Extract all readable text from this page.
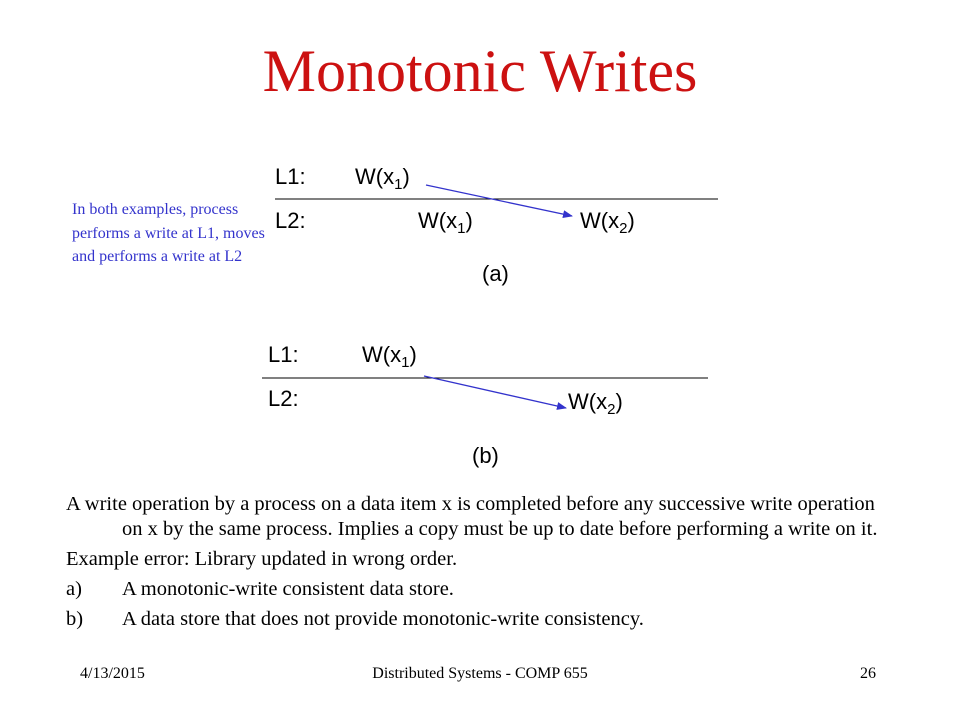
Monotonic Writes
In both examples, process performs a write at L1, moves and performs a write at L2
L1: $W(x_1)$
L2:	$W(x_1)$	$W(x_2)$
(a)
L1:	$W(x_1)$
L2:	$W(x_2)$
(b)

A write operation by a process on a data item x is completed before any successive write operation on x by the same process. Implies a copy must be up to date before performing a write on it.

Example error: Library updated in wrong order.

a)	A monotonic-write consistent data store.
b)	A data store that does not provide monotonic-write consistency.
4/13/2015	Distributed Systems - COMP 655	26
